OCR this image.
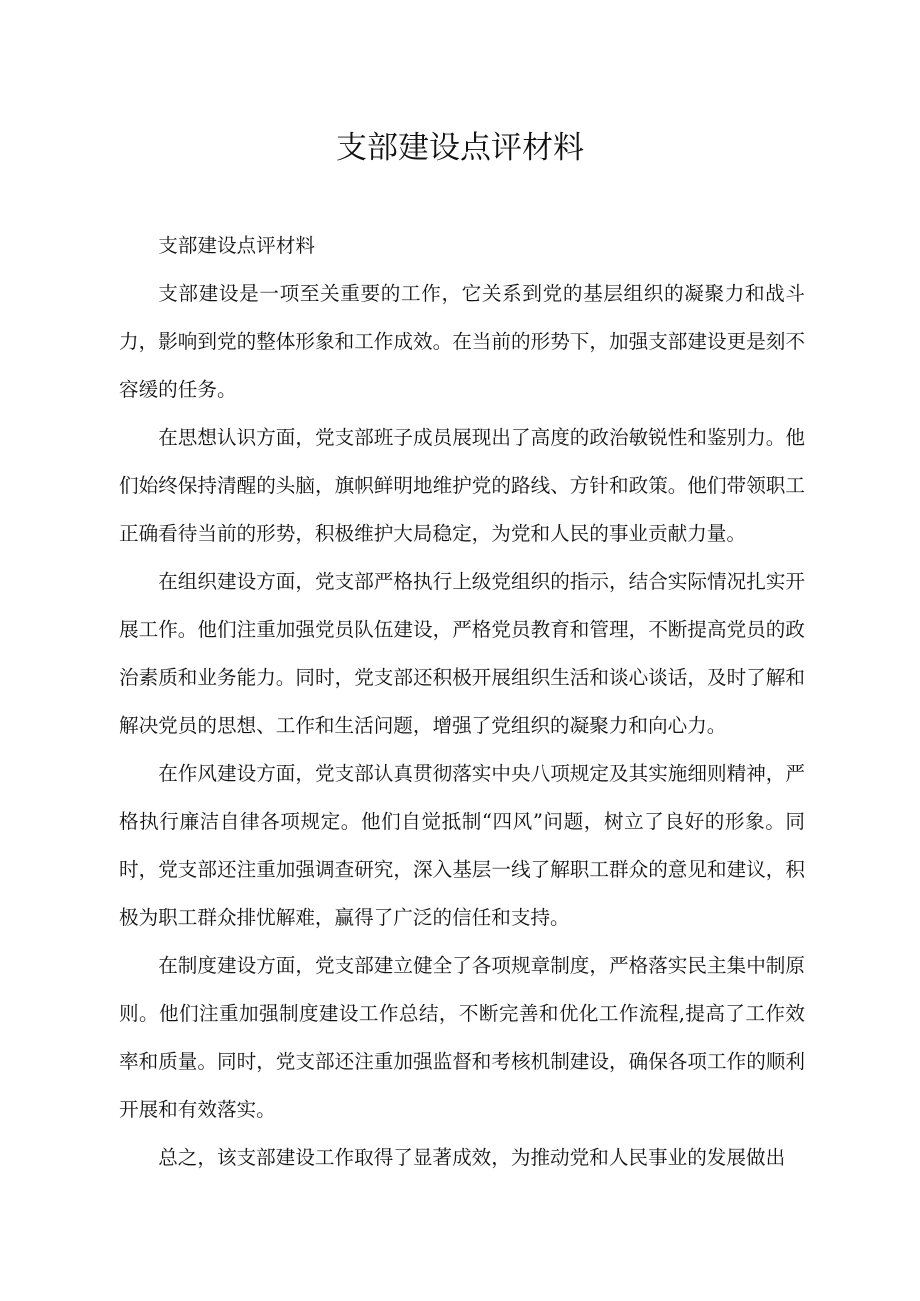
支部建设点评材料

支部建设点评材料

支部建设是一项至关重要的工作，它关系到党的基层组织的凝聚力和战斗力，影响到党的整体形象和工作成效。在当前的形势下，加强支部建设更是刻不容缓的任务。

在思想认识方面，党支部班子成员展现出了高度的政治敏锐性和鉴别力。他们始终保持清醒的头脑，旗帜鲜明地维护党的路线、方针和政策。他们带领职工正确看待当前的形势，积极维护大局稳定，为党和人民的事业贡献力量。

在组织建设方面，党支部严格执行上级党组织的指示，结合实际情况扎实开展工作。他们注重加强党员队伍建设，严格党员教育和管理，不断提高党员的政治素质和业务能力。同时，党支部还积极开展组织生活和谈心谈话，及时了解和解决党员的思想、工作和生活问题，增强了党组织的凝聚力和向心力。

在作风建设方面，党支部认真贯彻落实中央八项规定及其实施细则精神，严格执行廉洁自律各项规定。他们自觉抵制“四风”问题，树立了良好的形象。同时，党支部还注重加强调查研究，深入基层一线了解职工群众的意见和建议，积极为职工群众排忧解难，赢得了广泛的信任和支持。

在制度建设方面，党支部建立健全了各项规章制度，严格落实民主集中制原则。他们注重加强制度建设工作总结，不断完善和优化工作流程,提高了工作效率和质量。同时，党支部还注重加强监督和考核机制建设，确保各项工作的顺利开展和有效落实。

总之，该支部建设工作取得了显著成效，为推动党和人民事业的发展做出
